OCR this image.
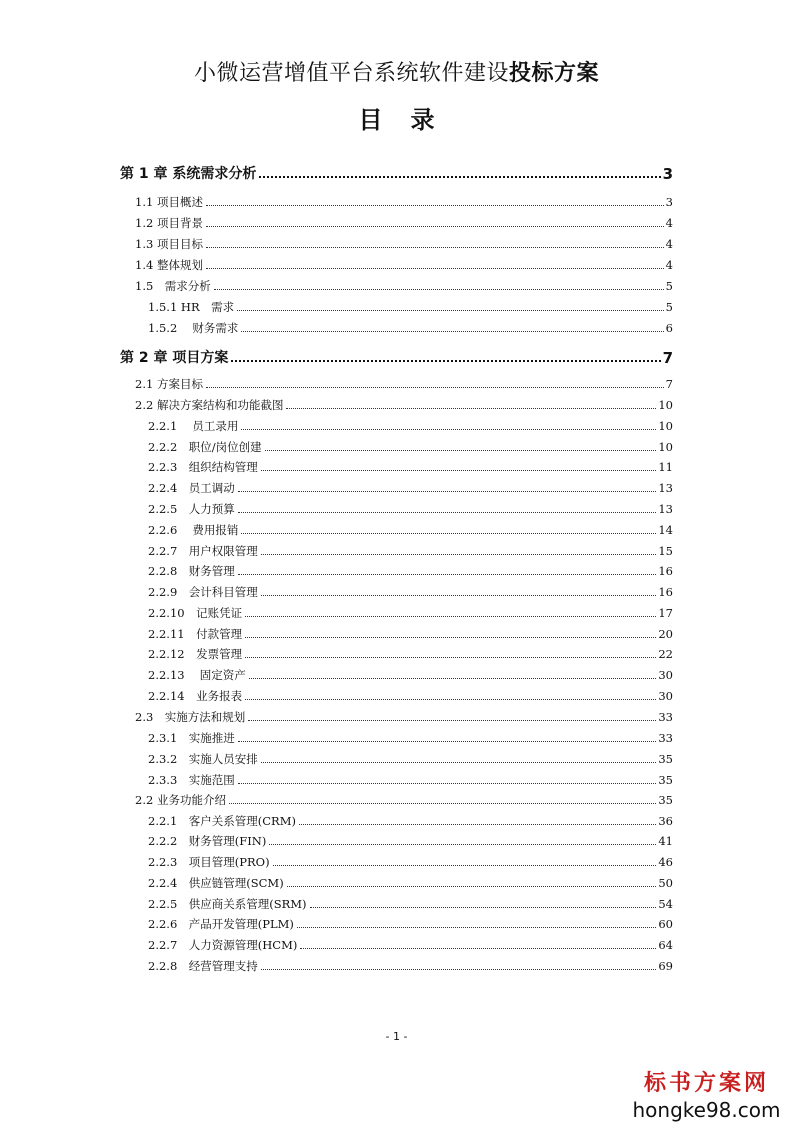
小微运营增值平台系统软件建设投标方案
目录
第 1 章 系统需求分析	3
1.1 项目概述	3
1.2 项目背景	4
1.3 项目目标	4
1.4 整体规划	4
1.5　需求分析	5
1.5.1 HR　需求	5
1.5.2　 财务需求	6
第 2 章 项目方案	7
2.1 方案目标	7
2.2 解决方案结构和功能截图	10
2.2.1　 员工录用	10
2.2.2　职位/岗位创建	10
2.2.3　组织结构管理	11
2.2.4　员工调动	13
2.2.5　人力预算	13
2.2.6　 费用报销	14
2.2.7　用户权限管理	15
2.2.8　财务管理	16
2.2.9　会计科目管理	16
2.2.10　记账凭证	17
2.2.11　付款管理	20
2.2.12　发票管理	22
2.2.13　 固定资产	30
2.2.14　业务报表	30
2.3　实施方法和规划	33
2.3.1　实施推进	33
2.3.2　实施人员安排	35
2.3.3　实施范围	35
2.2 业务功能介绍	35
2.2.1　客户关系管理(CRM)	36
2.2.2　财务管理(FIN)	41
2.2.3　项目管理(PRO)	46
2.2.4　供应链管理(SCM)	50
2.2.5　供应商关系管理(SRM)	54
2.2.6　产品开发管理(PLM)	60
2.2.7　人力资源管理(HCM)	64
2.2.8　经营管理支持	69
- 1 -
标书方案网
hongke98.com
